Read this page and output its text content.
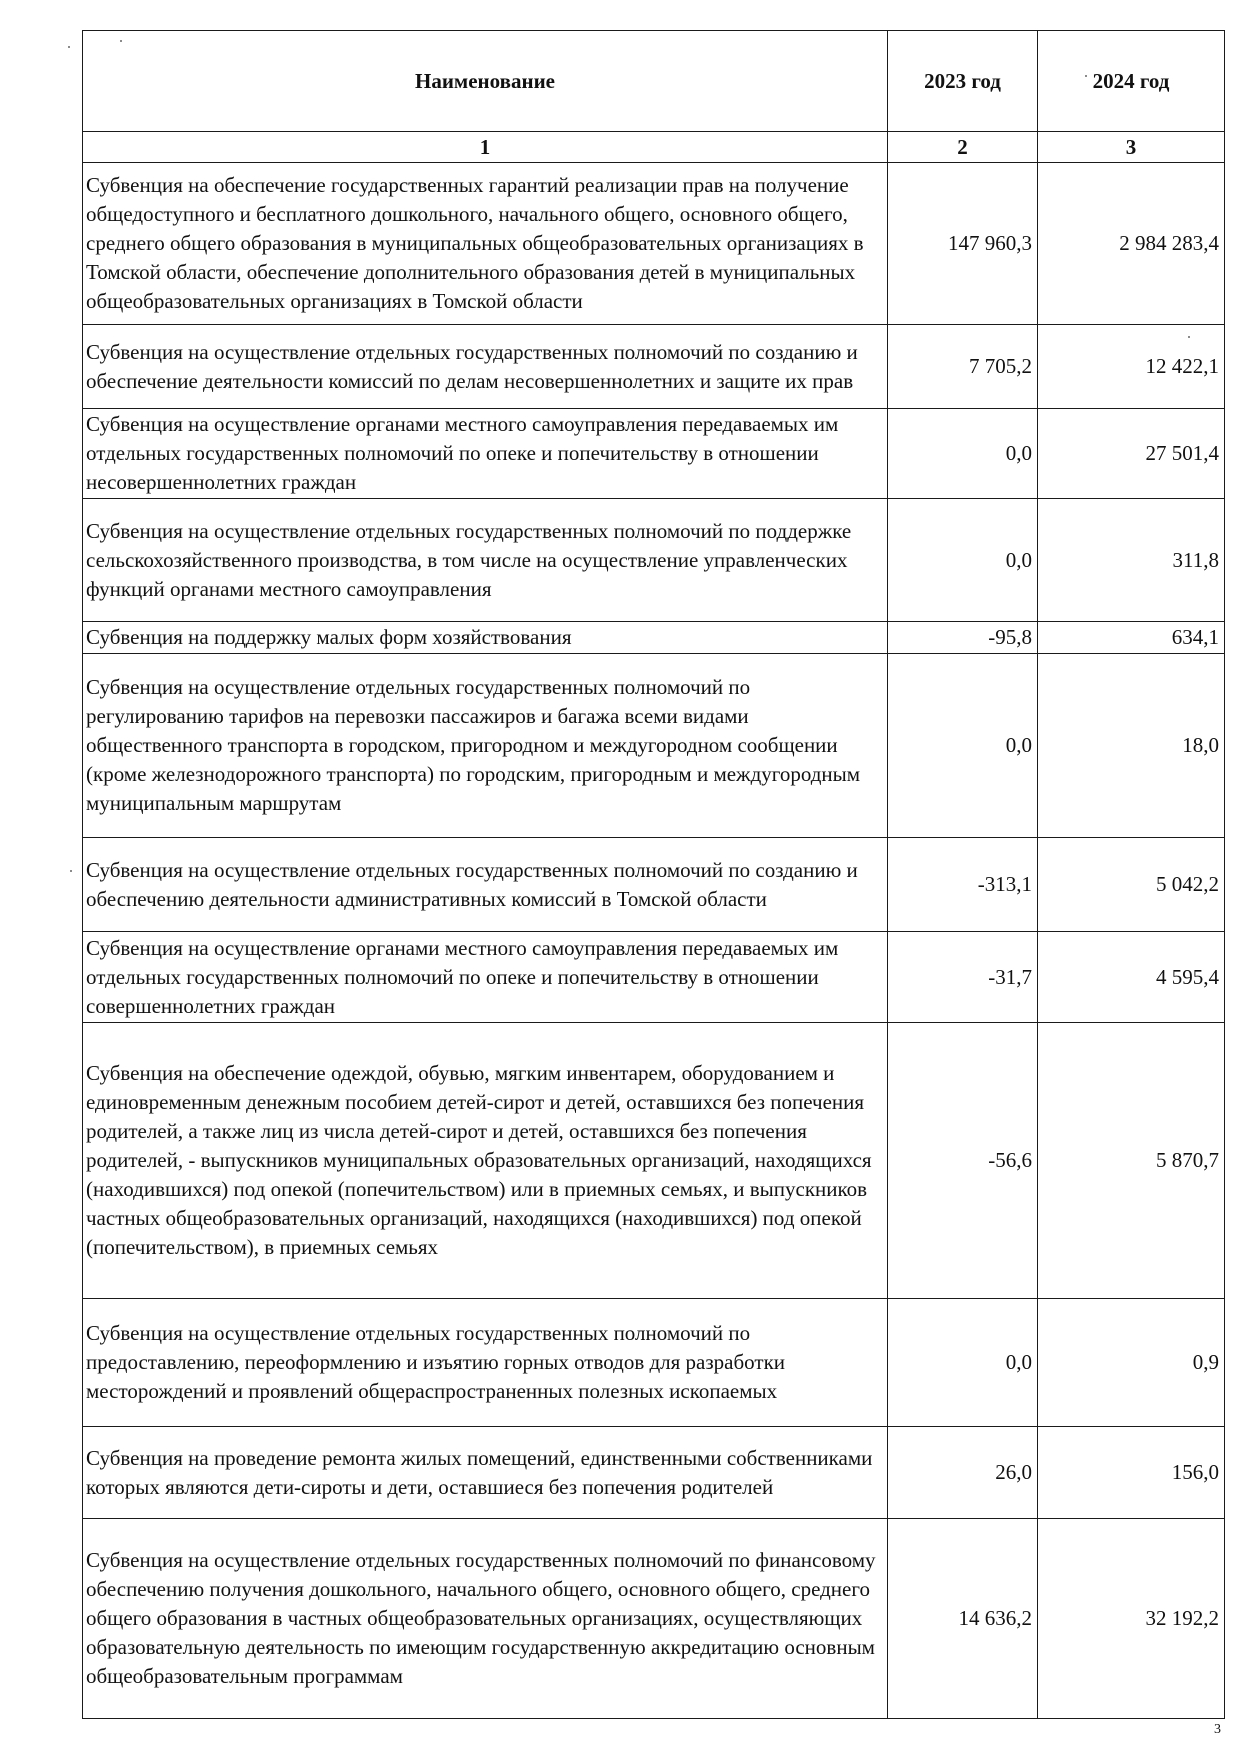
Наименование	2023 год	2024 год
1	2	3
Субвенция на обеспечение государственных гарантий реализации прав на получение общедоступного и бесплатного дошкольного, начального общего, основного общего, среднего общего образования в муниципальных общеобразовательных организациях в Томской области, обеспечение дополнительного образования детей в муниципальных общеобразовательных организациях в Томской области	147 960,3	2 984 283,4
Субвенция на осуществление отдельных государственных полномочий по созданию и обеспечение деятельности комиссий по делам несовершеннолетних и защите их прав	7 705,2	12 422,1
Субвенция на осуществление органами местного самоуправления передаваемых им отдельных государственных полномочий по опеке и попечительству в отношении несовершеннолетних граждан	0,0	27 501,4
Субвенция на осуществление отдельных государственных полномочий по поддержке сельскохозяйственного производства, в том числе на осуществление управленческих функций органами местного самоуправления	0,0	311,8
Субвенция на поддержку малых форм хозяйствования	-95,8	634,1
Субвенция на осуществление отдельных государственных полномочий по регулированию тарифов на перевозки пассажиров и багажа всеми видами общественного транспорта в городском, пригородном и междугородном сообщении (кроме железнодорожного транспорта) по городским, пригородным и междугородным муниципальным маршрутам	0,0	18,0
Субвенция на осуществление отдельных государственных полномочий по созданию и обеспечению деятельности административных комиссий в Томской области	-313,1	5 042,2
Субвенция на осуществление органами местного самоуправления передаваемых им отдельных государственных полномочий по опеке и попечительству в отношении совершеннолетних граждан	-31,7	4 595,4
Субвенция на обеспечение одеждой, обувью, мягким инвентарем, оборудованием и единовременным денежным пособием детей-сирот и детей, оставшихся без попечения родителей, а также лиц из числа детей-сирот и детей, оставшихся без попечения родителей, - выпускников муниципальных образовательных организаций, находящихся (находившихся) под опекой (попечительством) или в приемных семьях, и выпускников частных общеобразовательных организаций, находящихся (находившихся) под опекой (попечительством), в приемных семьях	-56,6	5 870,7
Субвенция на осуществление отдельных государственных полномочий по предоставлению, переоформлению и изъятию горных отводов для разработки месторождений и проявлений общераспространенных полезных ископаемых	0,0	0,9
Субвенция на проведение ремонта жилых помещений, единственными собственниками которых являются дети-сироты и дети, оставшиеся без попечения родителей	26,0	156,0
Субвенция на осуществление отдельных государственных полномочий по финансовому обеспечению получения дошкольного, начального общего, основного общего, среднего общего образования в частных общеобразовательных организациях, осуществляющих образовательную деятельность по имеющим государственную аккредитацию основным общеобразовательным программам	14 636,2	32 192,2
3
